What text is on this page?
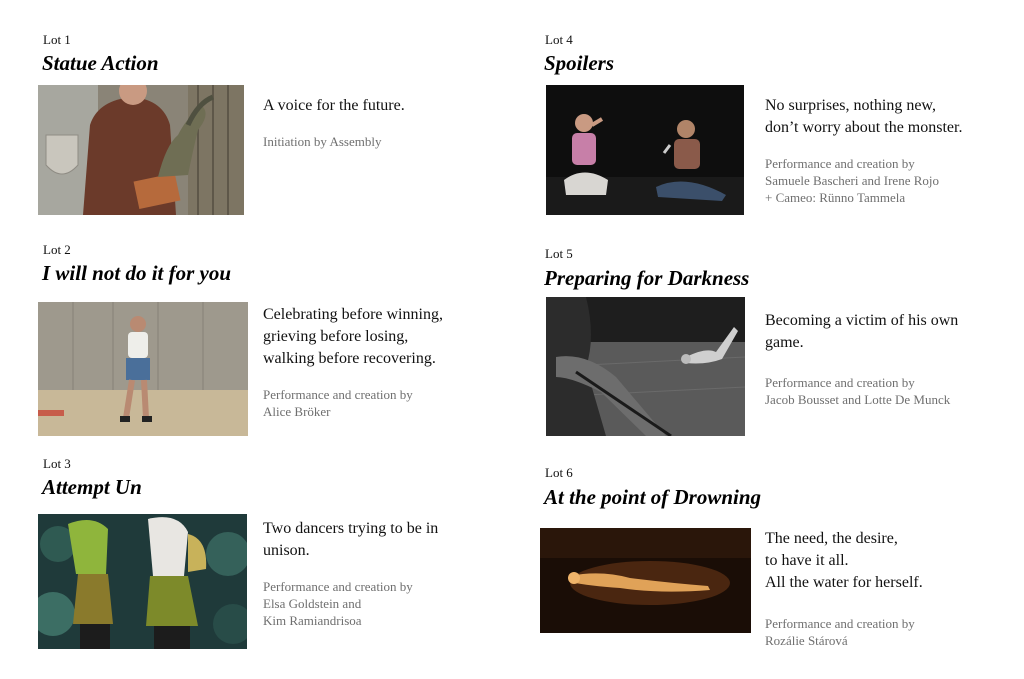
Lot 1
Statue Action
A voice for the future.
Initiation by Assembly
Lot 2
I will not do it for you
Celebrating before winning,
grieving before losing,
walking before recovering.
Performance and creation by
Alice Bröker
Lot 3
Attempt Un
Two dancers trying to be in
unison.
Performance and creation by
Elsa Goldstein and
Kim Ramiandrisoa
Lot 4
Spoilers
No surprises, nothing new,
don’t worry about the monster.
Performance and creation by
Samuele Bascheri and Irene Rojo
+ Cameo: Rünno Tammela
Lot 5
Preparing for Darkness
Becoming a victim of his own
game.
Performance and creation by
Jacob Bousset and Lotte De Munck
Lot 6
At the point of Drowning
The need, the desire,
to have it all.
All the water for herself.
Performance and creation by
Rozálie Stárová
